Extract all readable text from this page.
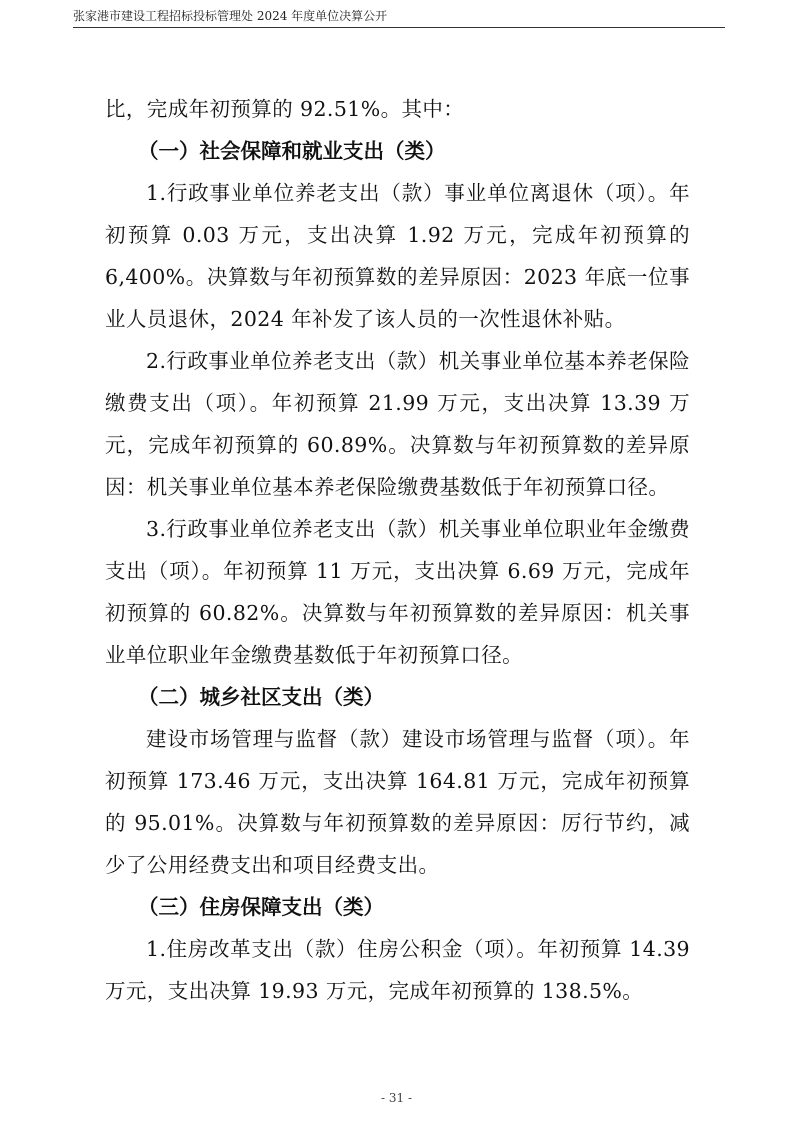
张家港市建设工程招标投标管理处 2024 年度单位决算公开

比，完成年初预算的 92.51%。其中：

（一）社会保障和就业支出（类）

1.行政事业单位养老支出（款）事业单位离退休（项）。年初预算 0.03 万元，支出决算 1.92 万元，完成年初预算的 6,400%。决算数与年初预算数的差异原因：2023 年底一位事业人员退休，2024 年补发了该人员的一次性退休补贴。

2.行政事业单位养老支出（款）机关事业单位基本养老保险缴费支出（项）。年初预算 21.99 万元，支出决算 13.39 万元，完成年初预算的 60.89%。决算数与年初预算数的差异原因：机关事业单位基本养老保险缴费基数低于年初预算口径。

3.行政事业单位养老支出（款）机关事业单位职业年金缴费支出（项）。年初预算 11 万元，支出决算 6.69 万元，完成年初预算的 60.82%。决算数与年初预算数的差异原因：机关事业单位职业年金缴费基数低于年初预算口径。

（二）城乡社区支出（类）

建设市场管理与监督（款）建设市场管理与监督（项）。年初预算 173.46 万元，支出决算 164.81 万元，完成年初预算的 95.01%。决算数与年初预算数的差异原因：厉行节约，减少了公用经费支出和项目经费支出。

（三）住房保障支出（类）

1.住房改革支出（款）住房公积金（项）。年初预算 14.39 万元，支出决算 19.93 万元，完成年初预算的 138.5%。

- 31 -
